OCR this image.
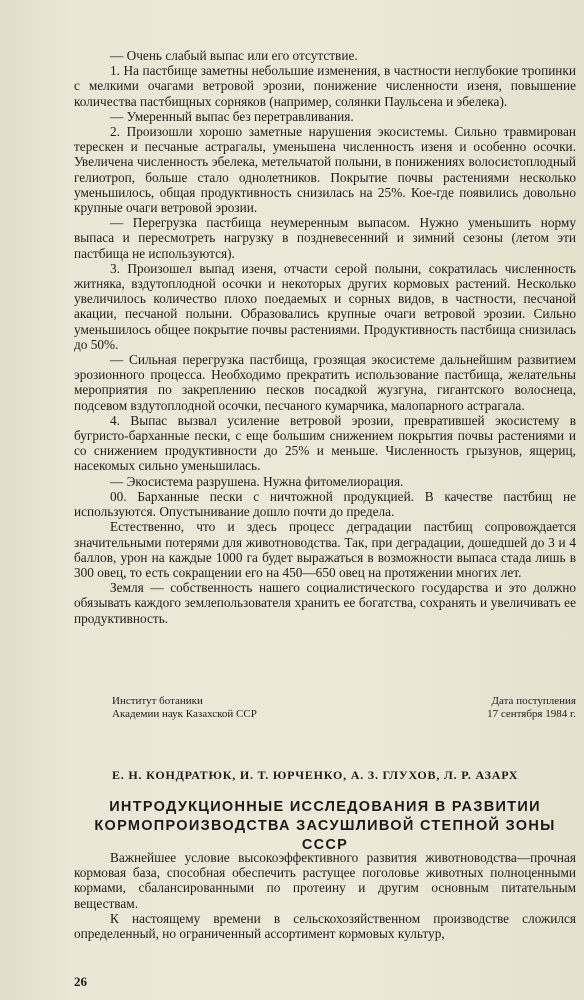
— Очень слабый выпас или его отсутствие.

1. На пастбище заметны небольшие изменения, в частности неглубокие тропинки с мелкими очагами ветровой эрозии, понижение численности изеня, повышение количества пастбищных сорняков (например, солянки Паульсена и эбелека).

— Умеренный выпас без перетравливания.

2. Произошли хорошо заметные нарушения экосистемы. Сильно травмирован терескен и песчаные астрагалы, уменьшена численность изеня и особенно осочки. Увеличена численность эбелека, метельчатой полыни, в понижениях волосистоплодный гелиотроп, больше стало однолетников. Покрытие почвы растениями несколько уменьшилось, общая продуктивность снизилась на 25%. Кое-где появились довольно крупные очаги ветровой эрозии.

— Перегрузка пастбища неумеренным выпасом. Нужно уменьшить норму выпаса и пересмотреть нагрузку в поздневесенний и зимний сезоны (летом эти пастбища не используются).

3. Произошел выпад изеня, отчасти серой полыни, сократилась численность житняка, вздутоплодной осочки и некоторых других кормовых растений. Несколько увеличилось количество плохо поедаемых и сорных видов, в частности, песчаной акации, песчаной полыни. Образовались крупные очаги ветровой эрозии. Сильно уменьшилось общее покрытие почвы растениями. Продуктивность пастбища снизилась до 50%.

— Сильная перегрузка пастбища, грозящая экосистеме дальнейшим развитием эрозионного процесса. Необходимо прекратить использование пастбища, желательны мероприятия по закреплению песков посадкой жузгуна, гигантского волоснеца, подсевом вздутоплодной осочки, песчаного кумарчика, малопарного астрагала.

4. Выпас вызвал усиление ветровой эрозии, превратившей экосистему в бугристо-барханные пески, с еще большим снижением покрытия почвы растениями и со снижением продуктивности до 25% и меньше. Численность грызунов, ящериц, насекомых сильно уменьшилась.

— Экосистема разрушена. Нужна фитомелиорация.

00. Барханные пески с ничтожной продукцией. В качестве пастбищ не используются. Опустынивание дошло почти до предела.

Естественно, что и здесь процесс деградации пастбищ сопровождается значительными потерями для животноводства. Так, при деградации, дошедшей до 3 и 4 баллов, урон на каждые 1000 га будет выражаться в возможности выпаса стада лишь в 300 овец, то есть сокращении его на 450—650 овец на протяжении многих лет.

Земля — собственность нашего социалистического государства и это должно обязывать каждого землепользователя хранить ее богатства, сохранять и увеличивать ее продуктивность.

Институт ботаники
Академии наук Казахской ССР
Дата поступления
17 сентября 1984 г.
Е. Н. КОНДРАТЮК, И. Т. ЮРЧЕНКО, А. З. ГЛУХОВ, Л. Р. АЗАРХ
ИНТРОДУКЦИОННЫЕ ИССЛЕДОВАНИЯ В РАЗВИТИИ
КОРМОПРОИЗВОДСТВА ЗАСУШЛИВОЙ СТЕПНОЙ ЗОНЫ СССР

Важнейшее условие высокоэффективного развития животноводства—прочная кормовая база, способная обеспечить растущее поголовье животных полноценными кормами, сбалансированными по протеину и другим основным питательным веществам.

К настоящему времени в сельскохозяйственном производстве сложился определенный, но ограниченный ассортимент кормовых культур,

26
